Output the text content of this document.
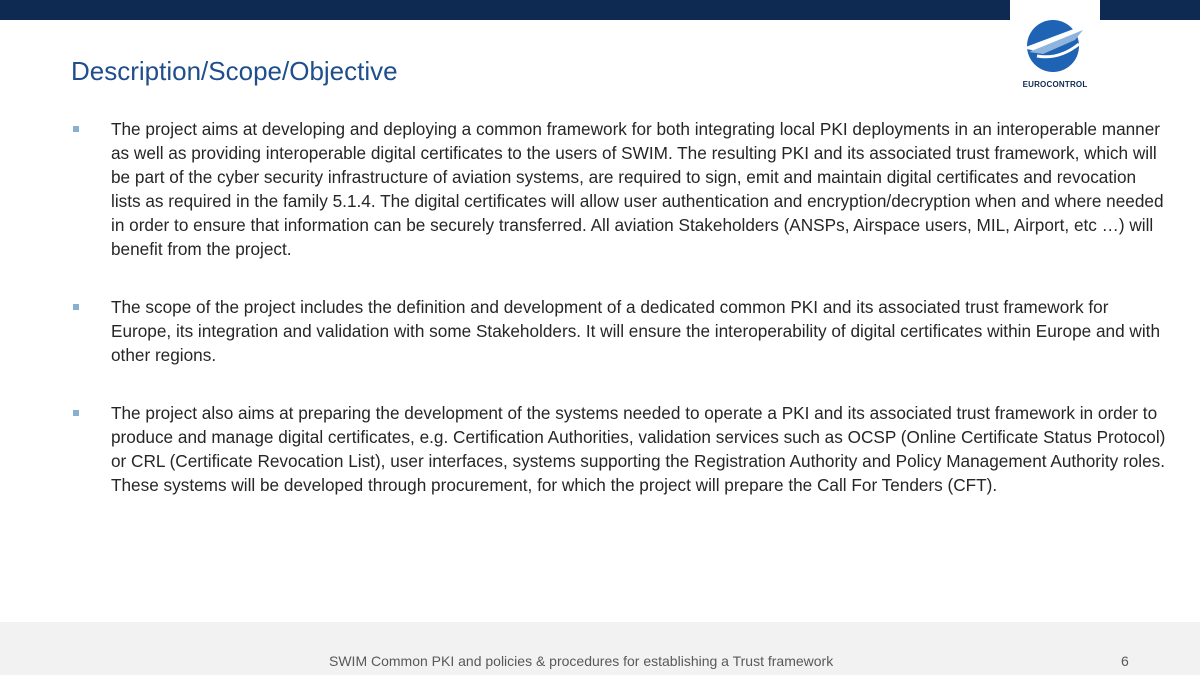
EUROCONTROL
Description/Scope/Objective
The project aims at developing and deploying a common framework for both integrating local PKI deployments in an interoperable manner as well as providing interoperable digital certificates to the users of SWIM. The resulting PKI and its associated trust framework, which will be part of the cyber security infrastructure of aviation systems, are required to sign, emit and maintain digital certificates and revocation lists as required in the family 5.1.4. The digital certificates will allow user authentication and encryption/decryption when and where needed in order to ensure that information can be securely transferred. All aviation Stakeholders (ANSPs, Airspace users, MIL, Airport, etc …) will benefit from the project.
The scope of the project includes the definition and development of a dedicated common PKI and its associated trust framework for Europe, its integration and validation with some Stakeholders. It will ensure the interoperability of digital certificates within Europe and with other regions.
The project also aims at preparing the development of the systems needed to operate a PKI and its associated trust framework in order to produce and manage digital certificates, e.g. Certification Authorities, validation services such as OCSP (Online Certificate Status Protocol) or CRL (Certificate Revocation List), user interfaces, systems supporting the Registration Authority and Policy Management Authority roles. These systems will be developed through procurement, for which the project will prepare the Call For Tenders (CFT).
SWIM Common PKI and policies & procedures for establishing a Trust framework	6
